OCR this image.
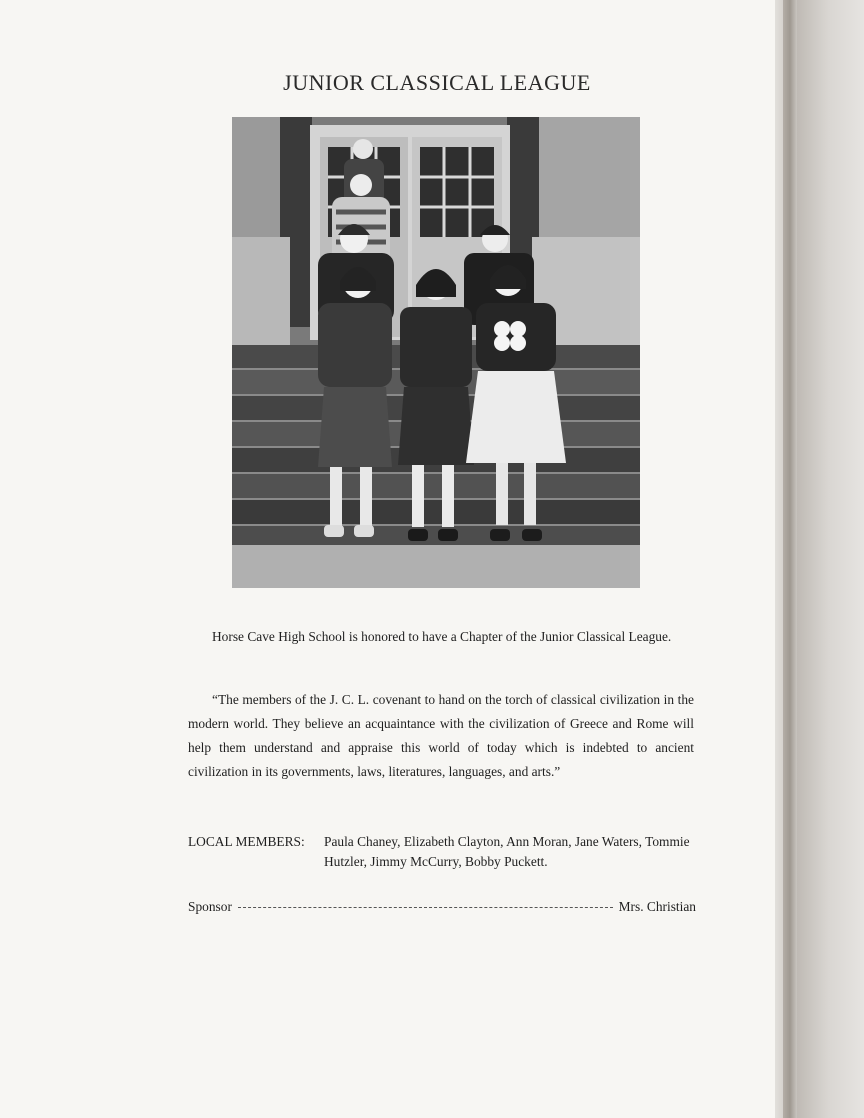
JUNIOR CLASSICAL LEAGUE
Horse Cave High School is honored to have a Chapter of the Junior Classical League.
“The members of the J. C. L. covenant to hand on the torch of classical civilization in the modern world. They believe an acquaintance with the civilization of Greece and Rome will help them understand and appraise this world of today which is indebted to ancient civilization in its governments, laws, literatures, languages, and arts.”
LOCAL MEMBERS: Paula Chaney, Elizabeth Clayton, Ann Moran, Jane Waters, Tommie Hutzler, Jimmy McCurry, Bobby Puckett.
Sponsor	Mrs. Christian
